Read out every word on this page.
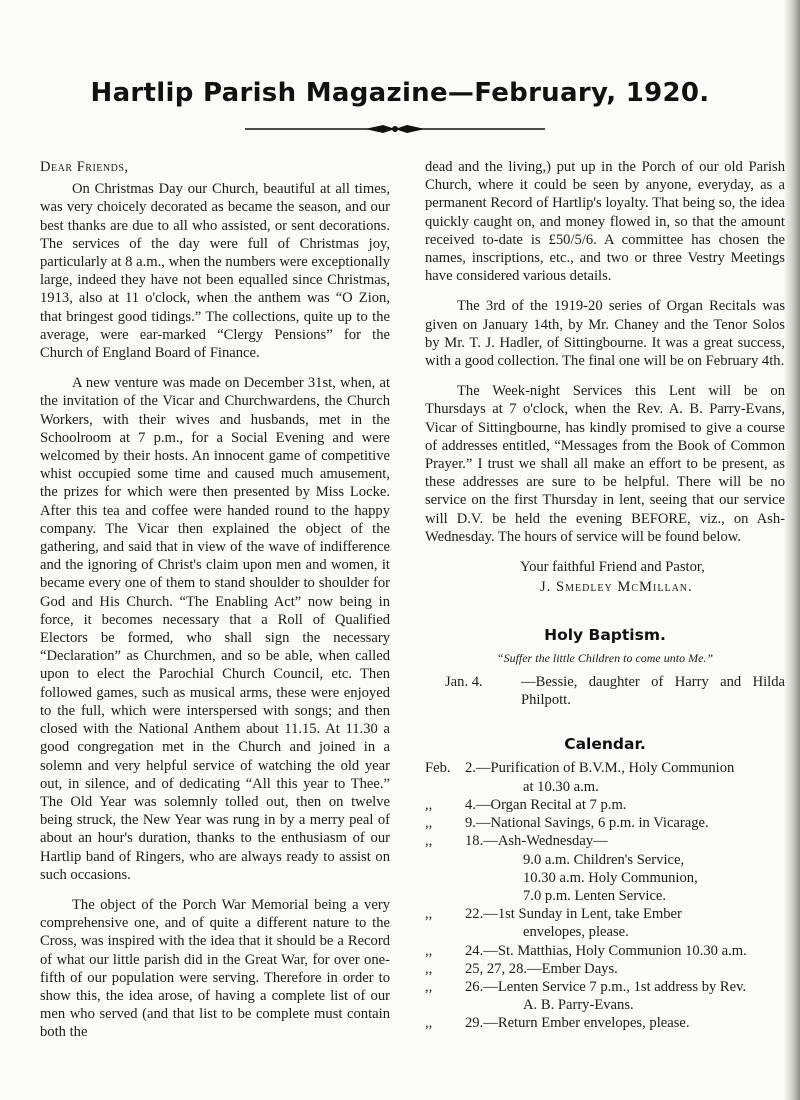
Hartlip Parish Magazine—February, 1920.

Dear Friends,

On Christmas Day our Church, beautiful at all times, was very choicely decorated as became the season, and our best thanks are due to all who assisted, or sent decorations. The services of the day were full of Christmas joy, particularly at 8 a.m., when the numbers were exceptionally large, indeed they have not been equalled since Christmas, 1913, also at 11 o'clock, when the anthem was “O Zion, that bringest good tidings.” The collections, quite up to the average, were ear-marked “Clergy Pensions” for the Church of England Board of Finance.

A new venture was made on December 31st, when, at the invitation of the Vicar and Churchwardens, the Church Workers, with their wives and husbands, met in the Schoolroom at 7 p.m., for a Social Evening and were welcomed by their hosts. An innocent game of competitive whist occupied some time and caused much amusement, the prizes for which were then presented by Miss Locke. After this tea and coffee were handed round to the happy company. The Vicar then explained the object of the gathering, and said that in view of the wave of indifference and the ignoring of Christ's claim upon men and women, it became every one of them to stand shoulder to shoulder for God and His Church. “The Enabling Act” now being in force, it becomes necessary that a Roll of Qualified Electors be formed, who shall sign the necessary “Declaration” as Churchmen, and so be able, when called upon to elect the Parochial Church Council, etc. Then followed games, such as musical arms, these were enjoyed to the full, which were interspersed with songs; and then closed with the National Anthem about 11.15. At 11.30 a good congregation met in the Church and joined in a solemn and very helpful service of watching the old year out, in silence, and of dedicating “All this year to Thee.” The Old Year was solemnly tolled out, then on twelve being struck, the New Year was rung in by a merry peal of about an hour's duration, thanks to the enthusiasm of our Hartlip band of Ringers, who are always ready to assist on such occasions.

The object of the Porch War Memorial being a very comprehensive one, and of quite a different nature to the Cross, was inspired with the idea that it should be a Record of what our little parish did in the Great War, for over one-fifth of our population were serving. Therefore in order to show this, the idea arose, of having a complete list of our men who served (and that list to be complete must contain both the

dead and the living,) put up in the Porch of our old Parish Church, where it could be seen by anyone, everyday, as a permanent Record of Hartlip's loyalty. That being so, the idea quickly caught on, and money flowed in, so that the amount received to-date is £50/5/6. A committee has chosen the names, inscriptions, etc., and two or three Vestry Meetings have considered various details.

The 3rd of the 1919-20 series of Organ Recitals was given on January 14th, by Mr. Chaney and the Tenor Solos by Mr. T. J. Hadler, of Sittingbourne. It was a great success, with a good collection. The final one will be on February 4th.

The Week-night Services this Lent will be on Thursdays at 7 o'clock, when the Rev. A. B. Parry-Evans, Vicar of Sittingbourne, has kindly promised to give a course of addresses entitled, “Messages from the Book of Common Prayer.” I trust we shall all make an effort to be present, as these addresses are sure to be helpful. There will be no service on the first Thursday in lent, seeing that our service will D.V. be held the evening BEFORE, viz., on Ash-Wednesday. The hours of service will be found below.

Your faithful Friend and Pastor,

J. Smedley McMillan.

Holy Baptism.

“Suffer the little Children to come unto Me.”

Jan. 4.	—Bessie, daughter of Harry and Hilda Philpott.
Calendar.
Feb. 2.—Purification of B.V.M., Holy Communion
at 10.30 a.m.
,,	4.—Organ Recital at 7 p.m.
,,	9.—National Savings, 6 p.m. in Vicarage.
,,	18.—Ash-Wednesday—
9.0 a.m. Children's Service,
10.30 a.m. Holy Communion,
7.0 p.m. Lenten Service.
,,	22.—1st Sunday in Lent, take Ember
envelopes, please.
,,	24.—St. Matthias, Holy Communion 10.30 a.m.
,,	25, 27, 28.—Ember Days.
,,	26.—Lenten Service 7 p.m., 1st address by Rev.
A. B. Parry-Evans.
,,	29.—Return Ember envelopes, please.
